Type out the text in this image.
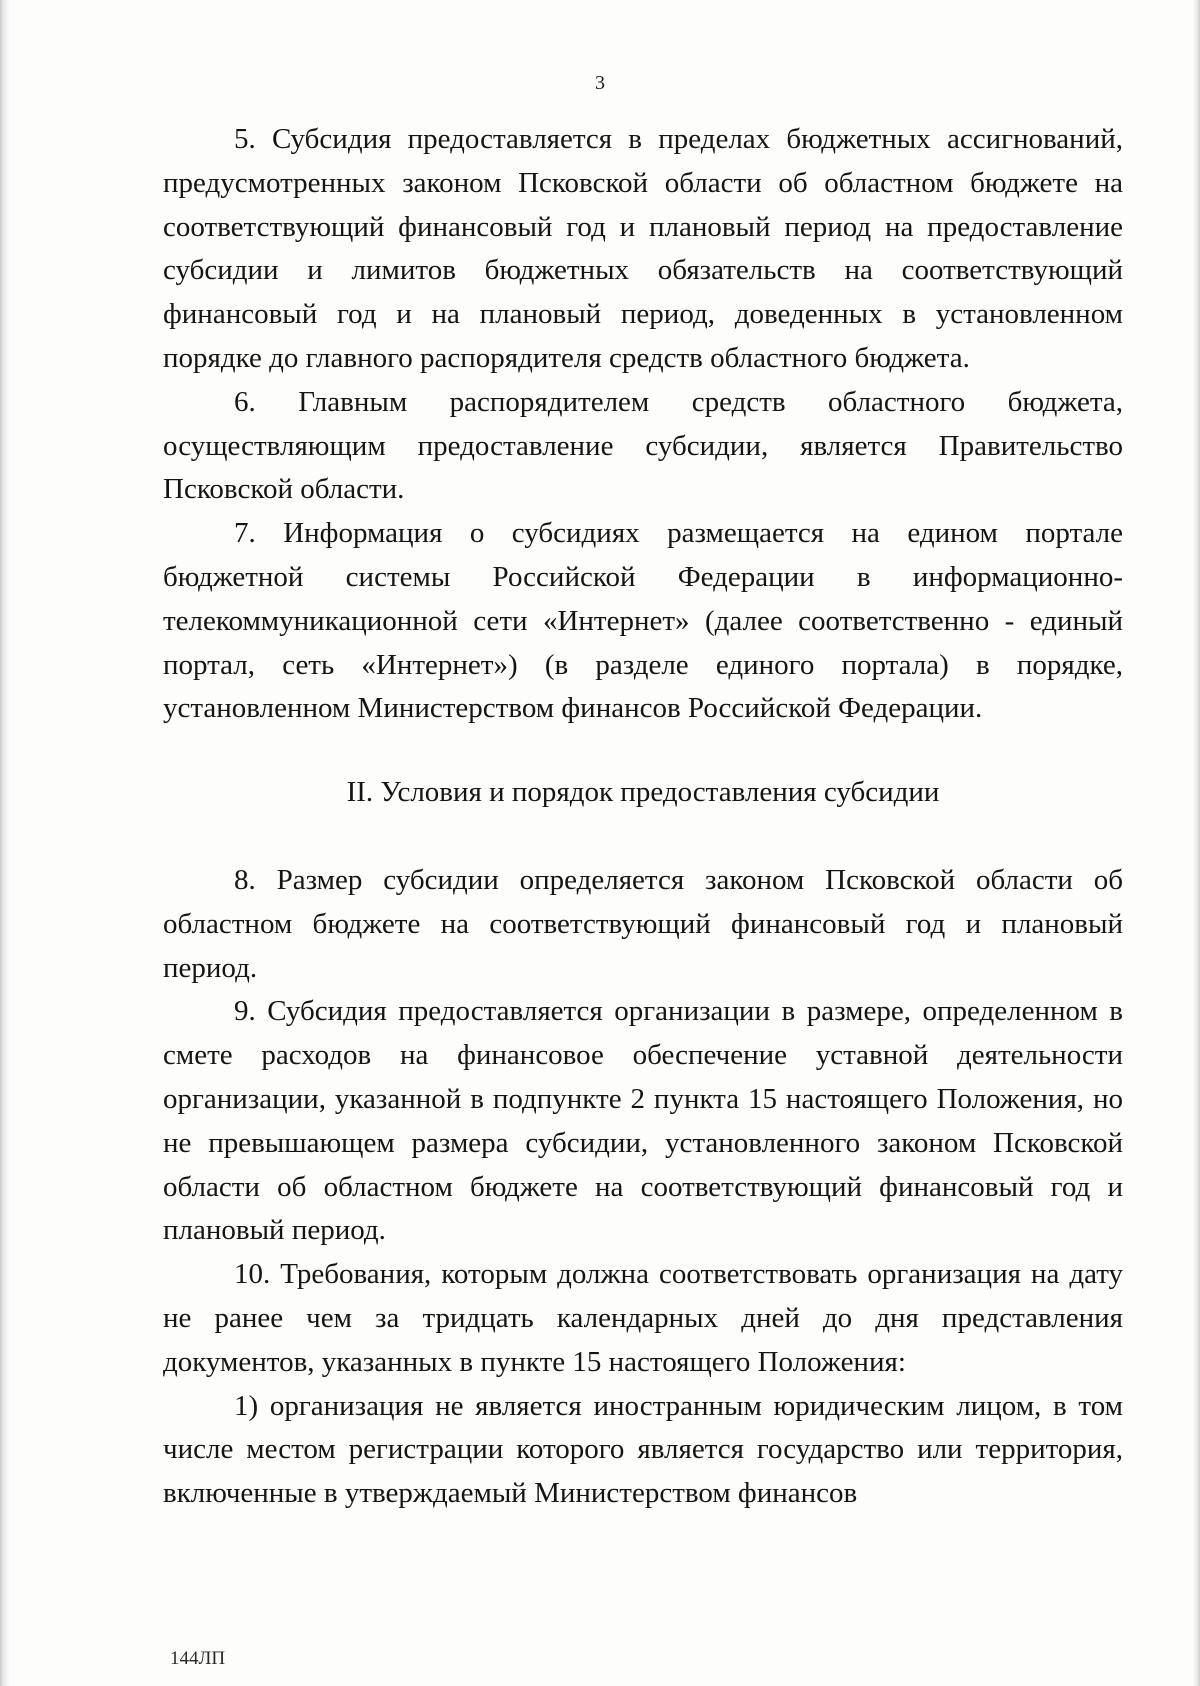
3

5. Субсидия предоставляется в пределах бюджетных ассигнований, предусмотренных законом Псковской области об областном бюджете на соответствующий финансовый год и плановый период на предоставление субсидии и лимитов бюджетных обязательств на соответствующий финансовый год и на плановый период, доведенных в установленном порядке до главного распорядителя средств областного бюджета.

6. Главным распорядителем средств областного бюджета, осуществляющим предоставление субсидии, является Правительство Псковской области.

7. Информация о субсидиях размещается на едином портале бюджетной системы Российской Федерации в информационно-телекоммуникационной сети «Интернет» (далее соответственно - единый портал, сеть «Интернет») (в разделе единого портала) в порядке, установленном Министерством финансов Российской Федерации.

II. Условия и порядок предоставления субсидии

8. Размер субсидии определяется законом Псковской области об областном бюджете на соответствующий финансовый год и плановый период.

9. Субсидия предоставляется организации в размере, определенном в смете расходов на финансовое обеспечение уставной деятельности организации, указанной в подпункте 2 пункта 15 настоящего Положения, но не превышающем размера субсидии, установленного законом Псковской области об областном бюджете на соответствующий финансовый год и плановый период.

10. Требования, которым должна соответствовать организация на дату не ранее чем за тридцать календарных дней до дня представления документов, указанных в пункте 15 настоящего Положения:

1) организация не является иностранным юридическим лицом, в том числе местом регистрации которого является государство или территория, включенные в утверждаемый Министерством финансов

144ЛП
